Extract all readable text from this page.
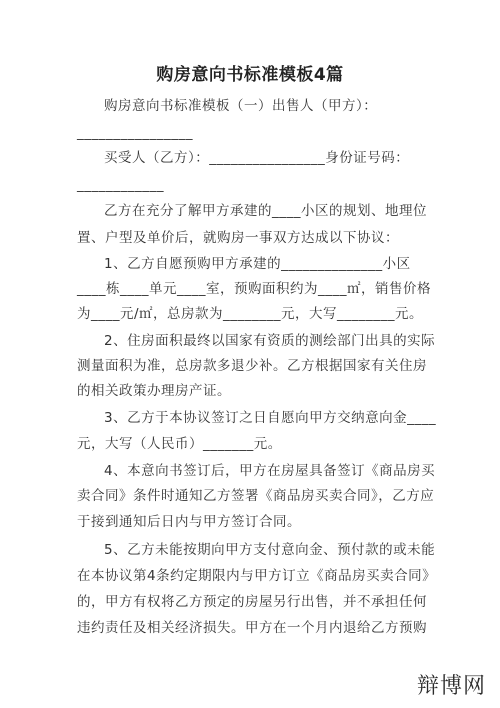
购房意向书标准模板4篇
购房意向书标准模板（一）出售人（甲方）：
________________
买受人（乙方）：________________身份证号码：
____________
乙方在充分了解甲方承建的____小区的规划、地理位
置、户型及单价后，就购房一事双方达成以下协议：
1、乙方自愿预购甲方承建的______________小区
____栋____单元____室，预购面积约为____㎡，销售价格
为____元/㎡，总房款为________元，大写________元。
2、住房面积最终以国家有资质的测绘部门出具的实际
测量面积为准，总房款多退少补。乙方根据国家有关住房
的相关政策办理房产证。
3、乙方于本协议签订之日自愿向甲方交纳意向金____
元，大写（人民币）_______元。
4、本意向书签订后，甲方在房屋具备签订《商品房买
卖合同》条件时通知乙方签署《商品房买卖合同》，乙方应
于接到通知后日内与甲方签订合同。
5、乙方未能按期向甲方支付意向金、预付款的或未能
在本协议第4条约定期限内与甲方订立《商品房买卖合同》
的，甲方有权将乙方预定的房屋另行出售，并不承担任何
违约责任及相关经济损失。甲方在一个月内退给乙方预购
辩博网
